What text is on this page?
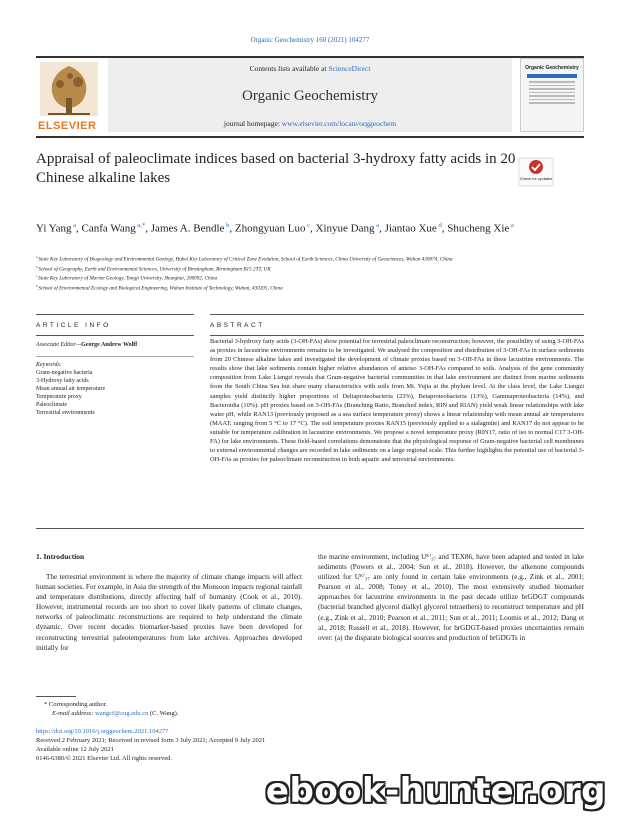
Organic Geochemistry 160 (2021) 104277
ELSEVIER
Contents lists available at ScienceDirect
Organic Geochemistry
journal homepage: www.elsevier.com/locate/orggeochem
Organic Geochemistry
Appraisal of paleoclimate indices based on bacterial 3-hydroxy fatty acids in 20 Chinese alkaline lakes	Check for updates
Yi Yang $^a$, Canfa Wang $^{a,*}$, James A. Bendle $^b$, Zhongyuan Luo $^c$, Xinyue Dang $^a$, Jiantao Xue $^d$, Shucheng Xie $^a$
$^a$ State Key Laboratory of Biogeology and Environmental Geology, Hubei Key Laboratory of Critical Zone Evolution, School of Earth Sciences, China University of Geosciences, Wuhan 430074, China
$^b$ School of Geography, Earth and Environmental Sciences, University of Birmingham, Birmingham B15 2TT, UK
$^c$ State Key Laboratory of Marine Geology, Tongji University, Shanghai, 200092, China
$^d$ School of Environmental Ecology and Biological Engineering, Wuhan Institute of Technology, Wuhan, 430205, China
ARTICLE INFO	ABSTRACT
Associate Editor—George Andrew Wolff
Keywords:
Gram-negative bacteria
3-Hydroxy fatty acids
Mean annual air temperature
Temperature proxy
Paleoclimate
Terrestrial environments
Bacterial 3-hydroxy fatty acids (3-OH-FAs) show potential for terrestrial paleoclimate reconstruction; however, the possibility of using 3-OH-FAs as proxies in lacustrine environments remains to be investigated. We analysed the composition and distribution of 3-OH-FAs in surface sediments from 20 Chinese alkaline lakes and investigated the development of climate proxies based on 3-OH-FAs in these lacustrine environments. The results show that lake sediments contain higher relative abundances of anteiso 3-OH-FAs compared to soils. Analysis of the gene community composition from Lake Liangzi reveals that Gram-negative bacterial communities in that lake environment are distinct from marine sediments from the South China Sea but share many characteristics with soils from Mt. Yujia at the phylum level. At the class level, the Lake Liangzi samples yield distinctly higher proportions of Deltaproteobacteria (23%), Betaproteobacteria (13%), Gammaproteobacteria (14%), and Bacteroidia (10%). pH proxies based on 3-OH-FAs (Branching Ratio, Branched index, RIN and RIAN) yield weak linear relationships with lake water pH, while RAN13 (previously proposed as a sea surface temperature proxy) shows a linear relationship with mean annual air temperatures (MAAT; ranging from 5 °C to 17 °C). The soil temperature proxies RAN15 (previously applied to a stalagmite) and RAN17 do not appear to be suitable for temperature calibration in lacustrine environments. We propose a novel temperature proxy (RIN17, ratio of iso to normal C17 3-OH-FA) for lake environments. These field-based correlations demonstrate that the physiological response of Gram-negative bacterial cell membranes to external environmental changes are recorded in lake sediments on a large regional scale. This further highlights the potential use of bacterial 3-OH-FAs as proxies for paleoclimate reconstruction in both aquatic and terrestrial environments.
1. Introduction

The terrestrial environment is where the majority of climate change impacts will affect human societies. For example, in Asia the strength of the Monsoon impacts regional rainfall and temperature distributions, directly affecting half of humanity (Cook et al., 2010). However, instrumental records are too short to cover likely patterns of climate changes, networks of paleoclimatic reconstructions are required to help understand the climate dynamic. Over recent decades biomarker-based proxies have been developed for reconstructing terrestrial paleotemperatures from lake archives. Approaches developed initially for

the marine environment, including Uᴷ′₃₇ and TEX86, have been adapted and tested in lake sediments (Powers et al., 2004; Sun et al., 2018). However, the alkenone compounds utilized for Uᴷ′₃₇ are only found in certain lake environments (e.g., Zink et al., 2001; Pearson et al., 2008; Toney et al., 2010). The most extensively studied biomarker approaches for lacustrine environments in the past decade utilize brGDGT compounds (bacterial branched glycerol dialkyl glycerol tetraethers) to reconstruct temperature and pH (e.g., Zink et al., 2010; Pearson et al., 2011; Sun et al., 2011; Loomis et al., 2012; Dang et al., 2018; Russell et al., 2018). However, for brGDGT-based proxies uncertainties remain over: (a) the disparate biological sources and production of brGDGTs in

* Corresponding author.
E-mail address: wangcf@cug.edu.cn (C. Wang).
https://doi.org/10.1016/j.orggeochem.2021.104277
Received 2 February 2021; Received in revised form 3 July 2021; Accepted 9 July 2021
Available online 12 July 2021
0146-6380/© 2021 Elsevier Ltd. All rights reserved.
ebook-hunter.org
